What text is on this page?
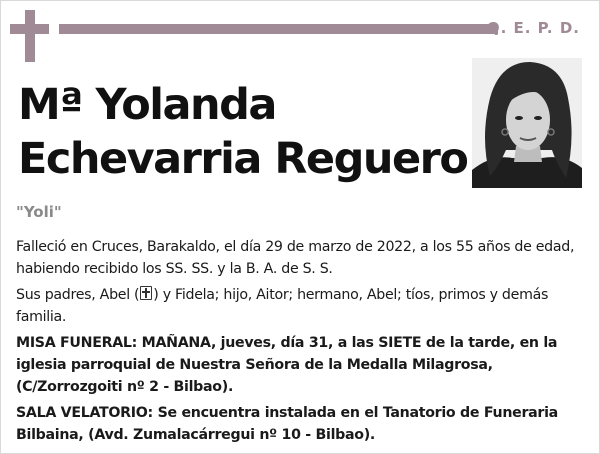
Q. E. P. D.
Mª Yolanda
Echevarria Reguero
"Yoli"

Falleció en Cruces, Barakaldo, el día 29 de marzo de 2022, a los 55 años de edad, habiendo recibido los SS. SS. y la B. A. de S. S.

Sus padres, Abel ( ) y Fidela; hijo, Aitor; hermano, Abel; tíos, primos y demás familia.

MISA FUNERAL: MAÑANA, jueves, día 31, a las SIETE de la tarde, en la iglesia parroquial de Nuestra Señora de la Medalla Milagrosa, (C/Zorrozgoiti nº 2 - Bilbao).

SALA VELATORIO: Se encuentra instalada en el Tanatorio de Funeraria Bilbaina, (Avd. Zumalacárregui nº 10 - Bilbao).
